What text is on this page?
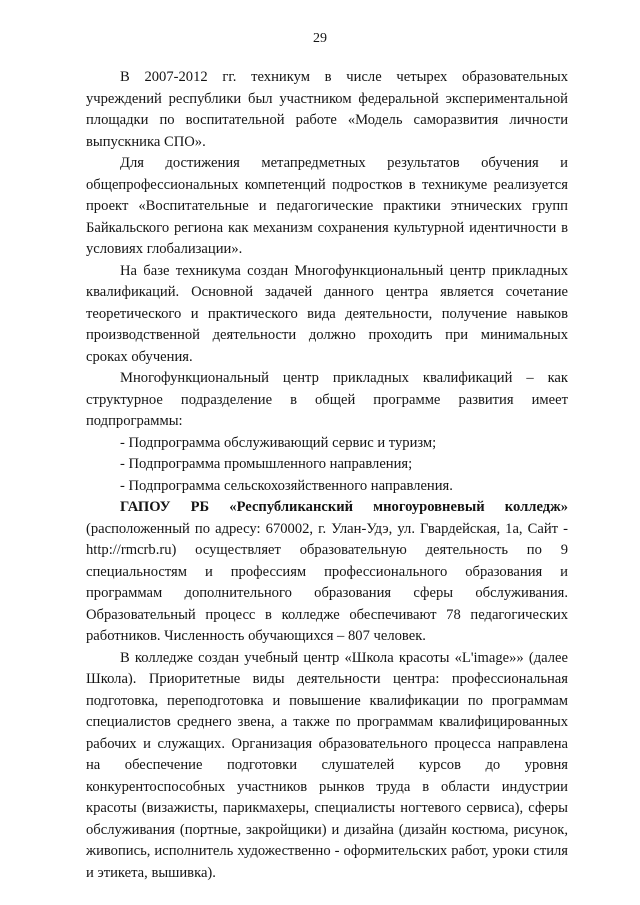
29

В 2007-2012 гг. техникум в числе четырех образовательных учреждений республики был участником федеральной экспериментальной площадки по воспитательной работе «Модель саморазвития личности выпускника СПО».

Для достижения метапредметных результатов обучения и общепрофессиональных компетенций подростков в техникуме реализуется проект «Воспитательные и педагогические практики этнических групп Байкальского региона как механизм сохранения культурной идентичности в условиях глобализации».

На базе техникума создан Многофункциональный центр прикладных квалификаций. Основной задачей данного центра является сочетание теоретического и практического вида деятельности, получение навыков производственной деятельности должно проходить при минимальных сроках обучения.

Многофункциональный центр прикладных квалификаций – как структурное подразделение в общей программе развития имеет подпрограммы:

- Подпрограмма обслуживающий сервис и туризм;

- Подпрограмма промышленного направления;

- Подпрограмма сельскохозяйственного направления.

ГАПОУ РБ «Республиканский многоуровневый колледж» (расположенный по адресу: 670002, г. Улан-Удэ, ул. Гвардейская, 1а, Сайт - http://rmcrb.ru) осуществляет образовательную деятельность по 9 специальностям и профессиям профессионального образования и программам дополнительного образования сферы обслуживания. Образовательный процесс в колледже обеспечивают 78 педагогических работников. Численность обучающихся – 807 человек.

В колледже создан учебный центр «Школа красоты «L'image»» (далее Школа). Приоритетные виды деятельности центра: профессиональная подготовка, переподготовка и повышение квалификации по программам специалистов среднего звена, а также по программам квалифицированных рабочих и служащих. Организация образовательного процесса направлена на обеспечение подготовки слушателей курсов до уровня конкурентоспособных участников рынков труда в области индустрии красоты (визажисты, парикмахеры, специалисты ногтевого сервиса), сферы обслуживания (портные, закройщики) и дизайна (дизайн костюма, рисунок, живопись, исполнитель художественно - оформительских работ, уроки стиля и этикета, вышивка).
